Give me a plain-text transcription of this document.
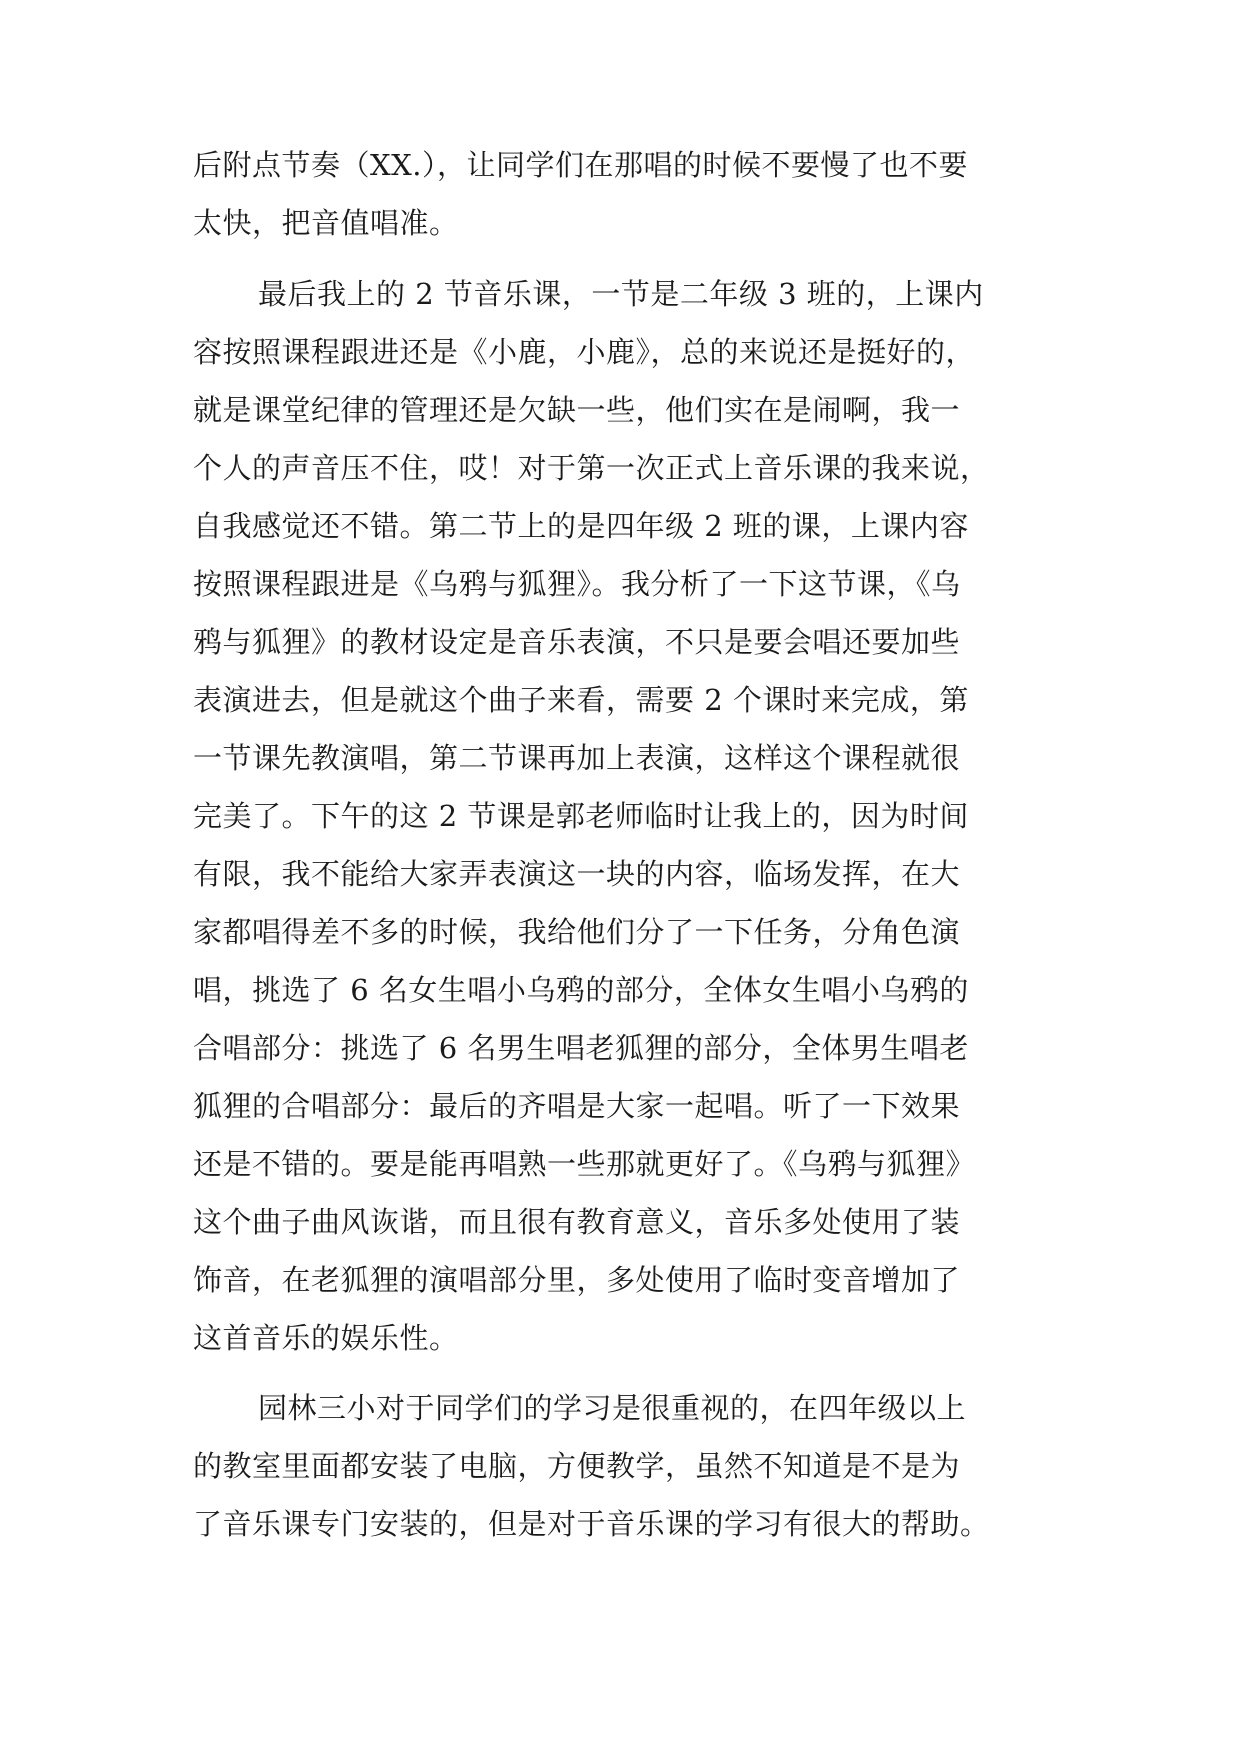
后附点节奏（XX.），让同学们在那唱的时候不要慢了也不要
太快，把音值唱准。
最后我上的 2 节音乐课，一节是二年级 3 班的，上课内
容按照课程跟进还是《小鹿，小鹿》，总的来说还是挺好的，
就是课堂纪律的管理还是欠缺一些，他们实在是闹啊，我一
个人的声音压不住，哎！对于第一次正式上音乐课的我来说，
自我感觉还不错。第二节上的是四年级 2 班的课，上课内容
按照课程跟进是《乌鸦与狐狸》。我分析了一下这节课，《乌
鸦与狐狸》的教材设定是音乐表演，不只是要会唱还要加些
表演进去，但是就这个曲子来看，需要 2 个课时来完成，第
一节课先教演唱，第二节课再加上表演，这样这个课程就很
完美了。下午的这 2 节课是郭老师临时让我上的，因为时间
有限，我不能给大家弄表演这一块的内容，临场发挥，在大
家都唱得差不多的时候，我给他们分了一下任务，分角色演
唱，挑选了 6 名女生唱小乌鸦的部分，全体女生唱小乌鸦的
合唱部分：挑选了 6 名男生唱老狐狸的部分，全体男生唱老
狐狸的合唱部分：最后的齐唱是大家一起唱。听了一下效果
还是不错的。要是能再唱熟一些那就更好了。《乌鸦与狐狸》
这个曲子曲风诙谐，而且很有教育意义，音乐多处使用了装
饰音，在老狐狸的演唱部分里，多处使用了临时变音增加了
这首音乐的娱乐性。
园林三小对于同学们的学习是很重视的，在四年级以上
的教室里面都安装了电脑，方便教学，虽然不知道是不是为
了音乐课专门安装的，但是对于音乐课的学习有很大的帮助。
